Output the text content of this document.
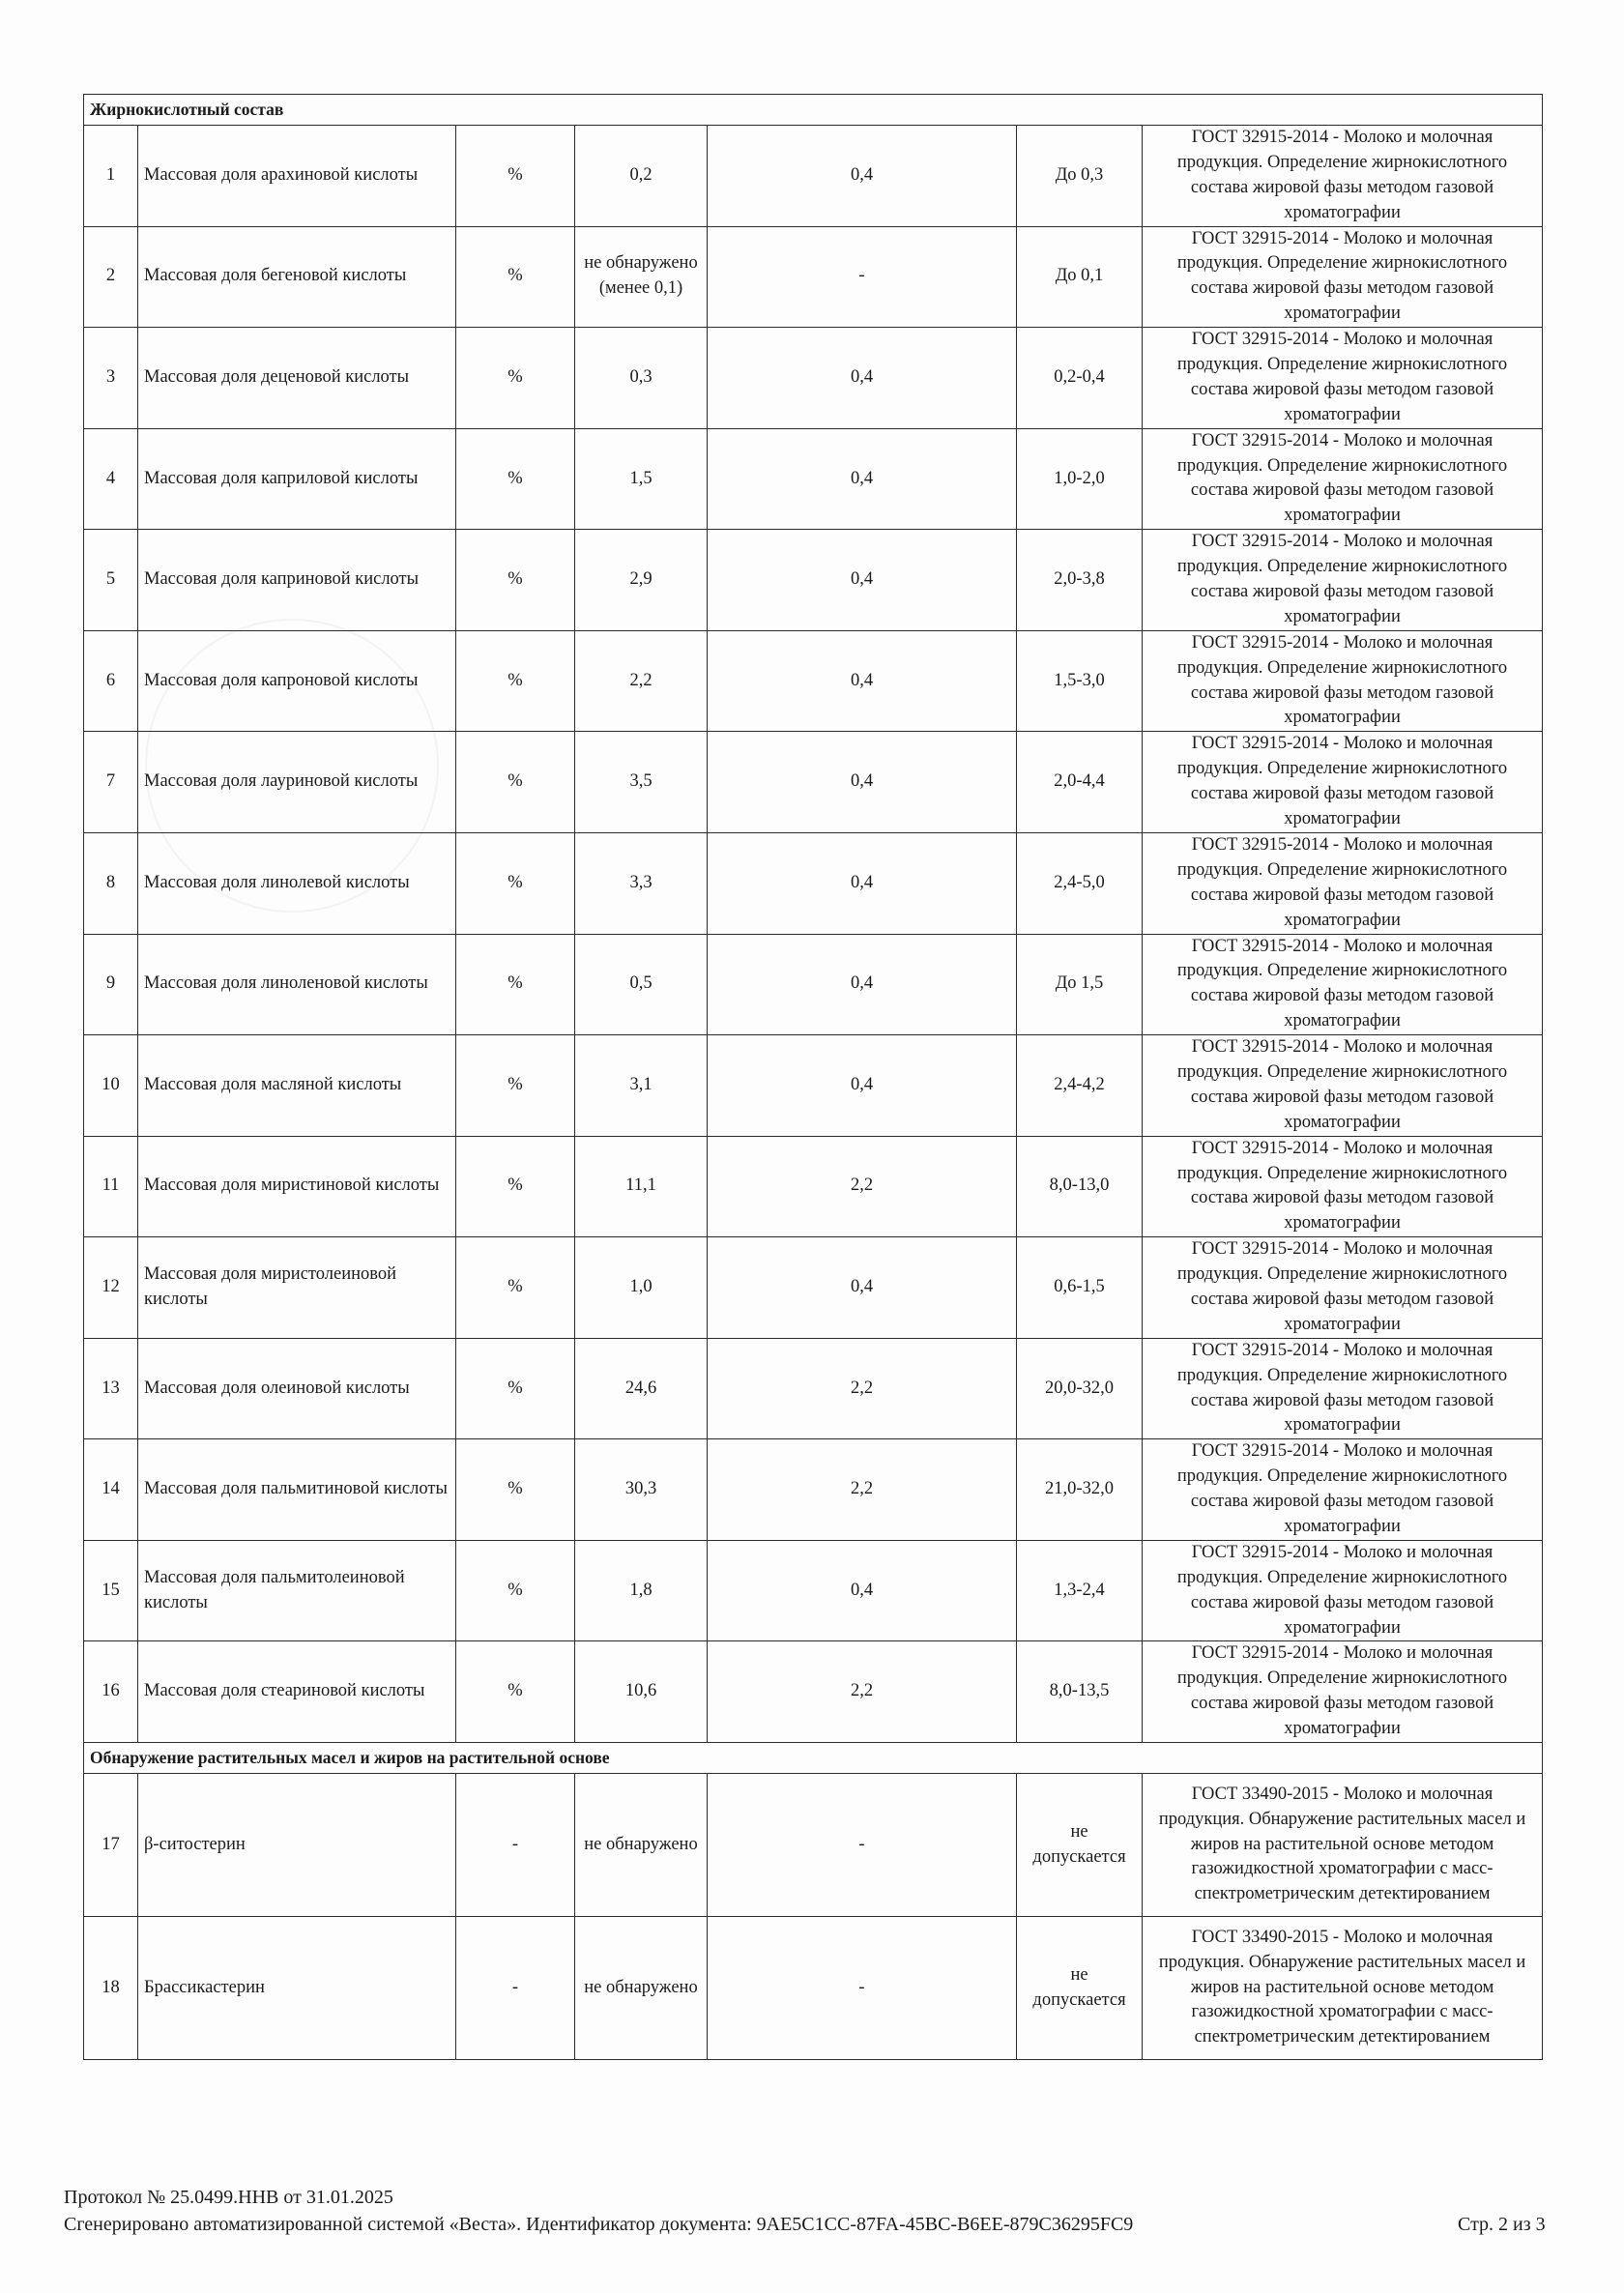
Жирнокислотный состав						
1	Массовая доля арахиновой кислоты	%	0,2	0,4	До 0,3	ГОСТ 32915-2014 - Молоко и молочная продукция. Определение жирнокислотного состава жировой фазы методом газовой хроматографии
2	Массовая доля бегеновой кислоты	%	не обнаружено (менее 0,1)	-	До 0,1	ГОСТ 32915-2014 - Молоко и молочная продукция. Определение жирнокислотного состава жировой фазы методом газовой хроматографии
3	Массовая доля деценовой кислоты	%	0,3	0,4	0,2-0,4	ГОСТ 32915-2014 - Молоко и молочная продукция. Определение жирнокислотного состава жировой фазы методом газовой хроматографии
4	Массовая доля каприловой кислоты	%	1,5	0,4	1,0-2,0	ГОСТ 32915-2014 - Молоко и молочная продукция. Определение жирнокислотного состава жировой фазы методом газовой хроматографии
5	Массовая доля каприновой кислоты	%	2,9	0,4	2,0-3,8	ГОСТ 32915-2014 - Молоко и молочная продукция. Определение жирнокислотного состава жировой фазы методом газовой хроматографии
6	Массовая доля капроновой кислоты	%	2,2	0,4	1,5-3,0	ГОСТ 32915-2014 - Молоко и молочная продукция. Определение жирнокислотного состава жировой фазы методом газовой хроматографии
7	Массовая доля лауриновой кислоты	%	3,5	0,4	2,0-4,4	ГОСТ 32915-2014 - Молоко и молочная продукция. Определение жирнокислотного состава жировой фазы методом газовой хроматографии
8	Массовая доля линолевой кислоты	%	3,3	0,4	2,4-5,0	ГОСТ 32915-2014 - Молоко и молочная продукция. Определение жирнокислотного состава жировой фазы методом газовой хроматографии
9	Массовая доля линоленовой кислоты	%	0,5	0,4	До 1,5	ГОСТ 32915-2014 - Молоко и молочная продукция. Определение жирнокислотного состава жировой фазы методом газовой хроматографии
10	Массовая доля масляной кислоты	%	3,1	0,4	2,4-4,2	ГОСТ 32915-2014 - Молоко и молочная продукция. Определение жирнокислотного состава жировой фазы методом газовой хроматографии
11	Массовая доля миристиновой кислоты	%	11,1	2,2	8,0-13,0	ГОСТ 32915-2014 - Молоко и молочная продукция. Определение жирнокислотного состава жировой фазы методом газовой хроматографии
12	Массовая доля миристолеиновой кислоты	%	1,0	0,4	0,6-1,5	ГОСТ 32915-2014 - Молоко и молочная продукция. Определение жирнокислотного состава жировой фазы методом газовой хроматографии
13	Массовая доля олеиновой кислоты	%	24,6	2,2	20,0-32,0	ГОСТ 32915-2014 - Молоко и молочная продукция. Определение жирнокислотного состава жировой фазы методом газовой хроматографии
14	Массовая доля пальмитиновой кислоты	%	30,3	2,2	21,0-32,0	ГОСТ 32915-2014 - Молоко и молочная продукция. Определение жирнокислотного состава жировой фазы методом газовой хроматографии
15	Массовая доля пальмитолеиновой кислоты	%	1,8	0,4	1,3-2,4	ГОСТ 32915-2014 - Молоко и молочная продукция. Определение жирнокислотного состава жировой фазы методом газовой хроматографии
16	Массовая доля стеариновой кислоты	%	10,6	2,2	8,0-13,5	ГОСТ 32915-2014 - Молоко и молочная продукция. Определение жирнокислотного состава жировой фазы методом газовой хроматографии
Обнаружение растительных масел и жиров на растительной основе						
17	β-ситостерин	-	не обнаружено	-	не допускается	ГОСТ 33490-2015 - Молоко и молочная продукция. Обнаружение растительных масел и жиров на растительной основе методом газожидкостной хроматографии с масс-спектрометрическим детектированием
18	Брассикастерин	-	не обнаружено	-	не допускается	ГОСТ 33490-2015 - Молоко и молочная продукция. Обнаружение растительных масел и жиров на растительной основе методом газожидкостной хроматографии с масс-спектрометрическим детектированием
Протокол № 25.0499.ННВ от 31.01.2025
Сгенерировано автоматизированной системой «Веста». Идентификатор документа: 9AE5C1CC-87FA-45BC-B6EE-879C36295FC9	Стр. 2 из 3
